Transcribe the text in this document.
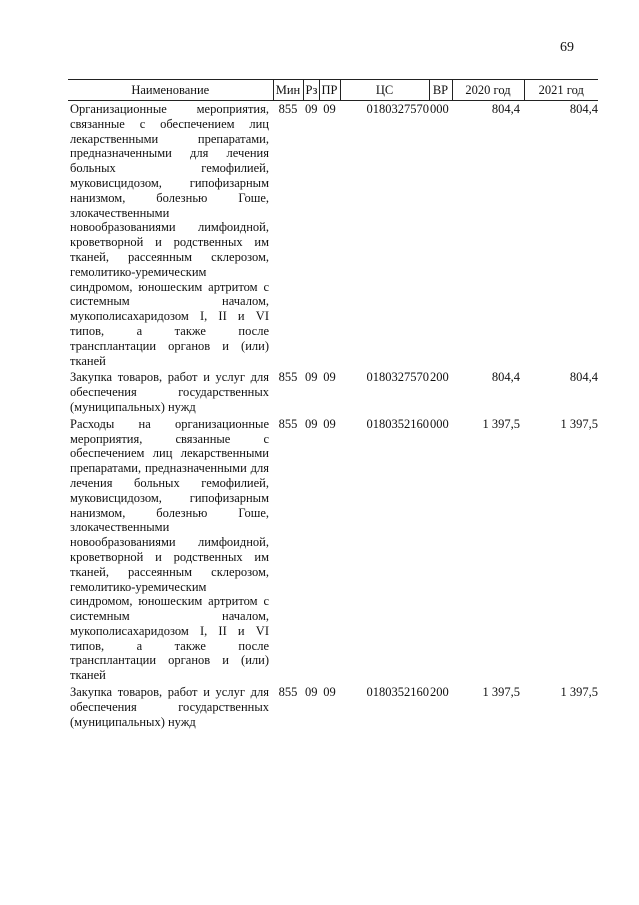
69
Наименование	Мин	Рз	ПР	ЦС	ВР	2020 год	2021 год
Организационные мероприятия, связанные с обеспечением лиц лекарственными препаратами, предназначенными для лечения больных гемофилией, муковисцидозом, гипофизарным нанизмом, болезнью Гоше, злокачественными новообразованиями лимфоидной, кроветворной и родственных им тканей, рассеянным склерозом, гемолитико-уремическим синдромом, юношеским артритом с системным началом, мукополисахаридозом I, II и VI типов, а также после трансплантации органов и (или) тканей	855	09	09	0180327570	000	804,4	804,4
Закупка товаров, работ и услуг для обеспечения государственных (муниципальных) нужд	855	09	09	0180327570	200	804,4	804,4
Расходы на организационные мероприятия, связанные с обеспечением лиц лекарственными препаратами, предназначенными для лечения больных гемофилией, муковисцидозом, гипофизарным нанизмом, болезнью Гоше, злокачественными новообразованиями лимфоидной, кроветворной и родственных им тканей, рассеянным склерозом, гемолитико-уремическим синдромом, юношеским артритом с системным началом, мукополисахаридозом I, II и VI типов, а также после трансплантации органов и (или) тканей	855	09	09	0180352160	000	1 397,5	1 397,5
Закупка товаров, работ и услуг для обеспечения государственных (муниципальных) нужд	855	09	09	0180352160	200	1 397,5	1 397,5
